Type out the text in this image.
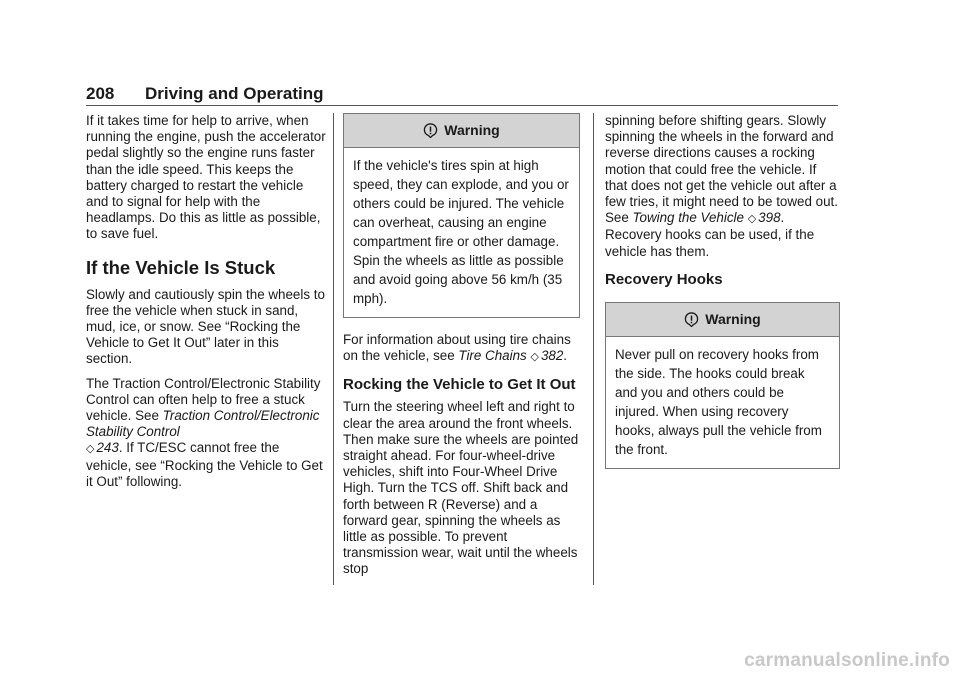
208 Driving and Operating

If it takes time for help to arrive, when running the engine, push the accelerator pedal slightly so the engine runs faster than the idle speed. This keeps the battery charged to restart the vehicle and to signal for help with the headlamps. Do this as little as possible, to save fuel.

If the Vehicle Is Stuck

Slowly and cautiously spin the wheels to free the vehicle when stuck in sand, mud, ice, or snow. See “Rocking the Vehicle to Get It Out” later in this section.

The Traction Control/Electronic Stability Control can often help to free a stuck vehicle. See Traction Control/Electronic Stability Control
◇ 243. If TC/ESC cannot free the vehicle, see “Rocking the Vehicle to Get it Out” following.

Warning
If the vehicle's tires spin at high speed, they can explode, and you or others could be injured. The vehicle can overheat, causing an engine compartment fire or other damage. Spin the wheels as little as possible and avoid going above 56 km/h (35 mph).

For information about using tire chains on the vehicle, see Tire Chains ◇ 382.

Rocking the Vehicle to Get It Out

Turn the steering wheel left and right to clear the area around the front wheels. Then make sure the wheels are pointed straight ahead. For four-wheel-drive vehicles, shift into Four-Wheel Drive High. Turn the TCS off. Shift back and forth between R (Reverse) and a forward gear, spinning the wheels as little as possible. To prevent transmission wear, wait until the wheels stop

spinning before shifting gears. Slowly spinning the wheels in the forward and reverse directions causes a rocking motion that could free the vehicle. If that does not get the vehicle out after a few tries, it might need to be towed out. See Towing the Vehicle ◇ 398. Recovery hooks can be used, if the vehicle has them.

Recovery Hooks
Warning
Never pull on recovery hooks from the side. The hooks could break and you and others could be injured. When using recovery hooks, always pull the vehicle from the front.
carmanualsonline.info
